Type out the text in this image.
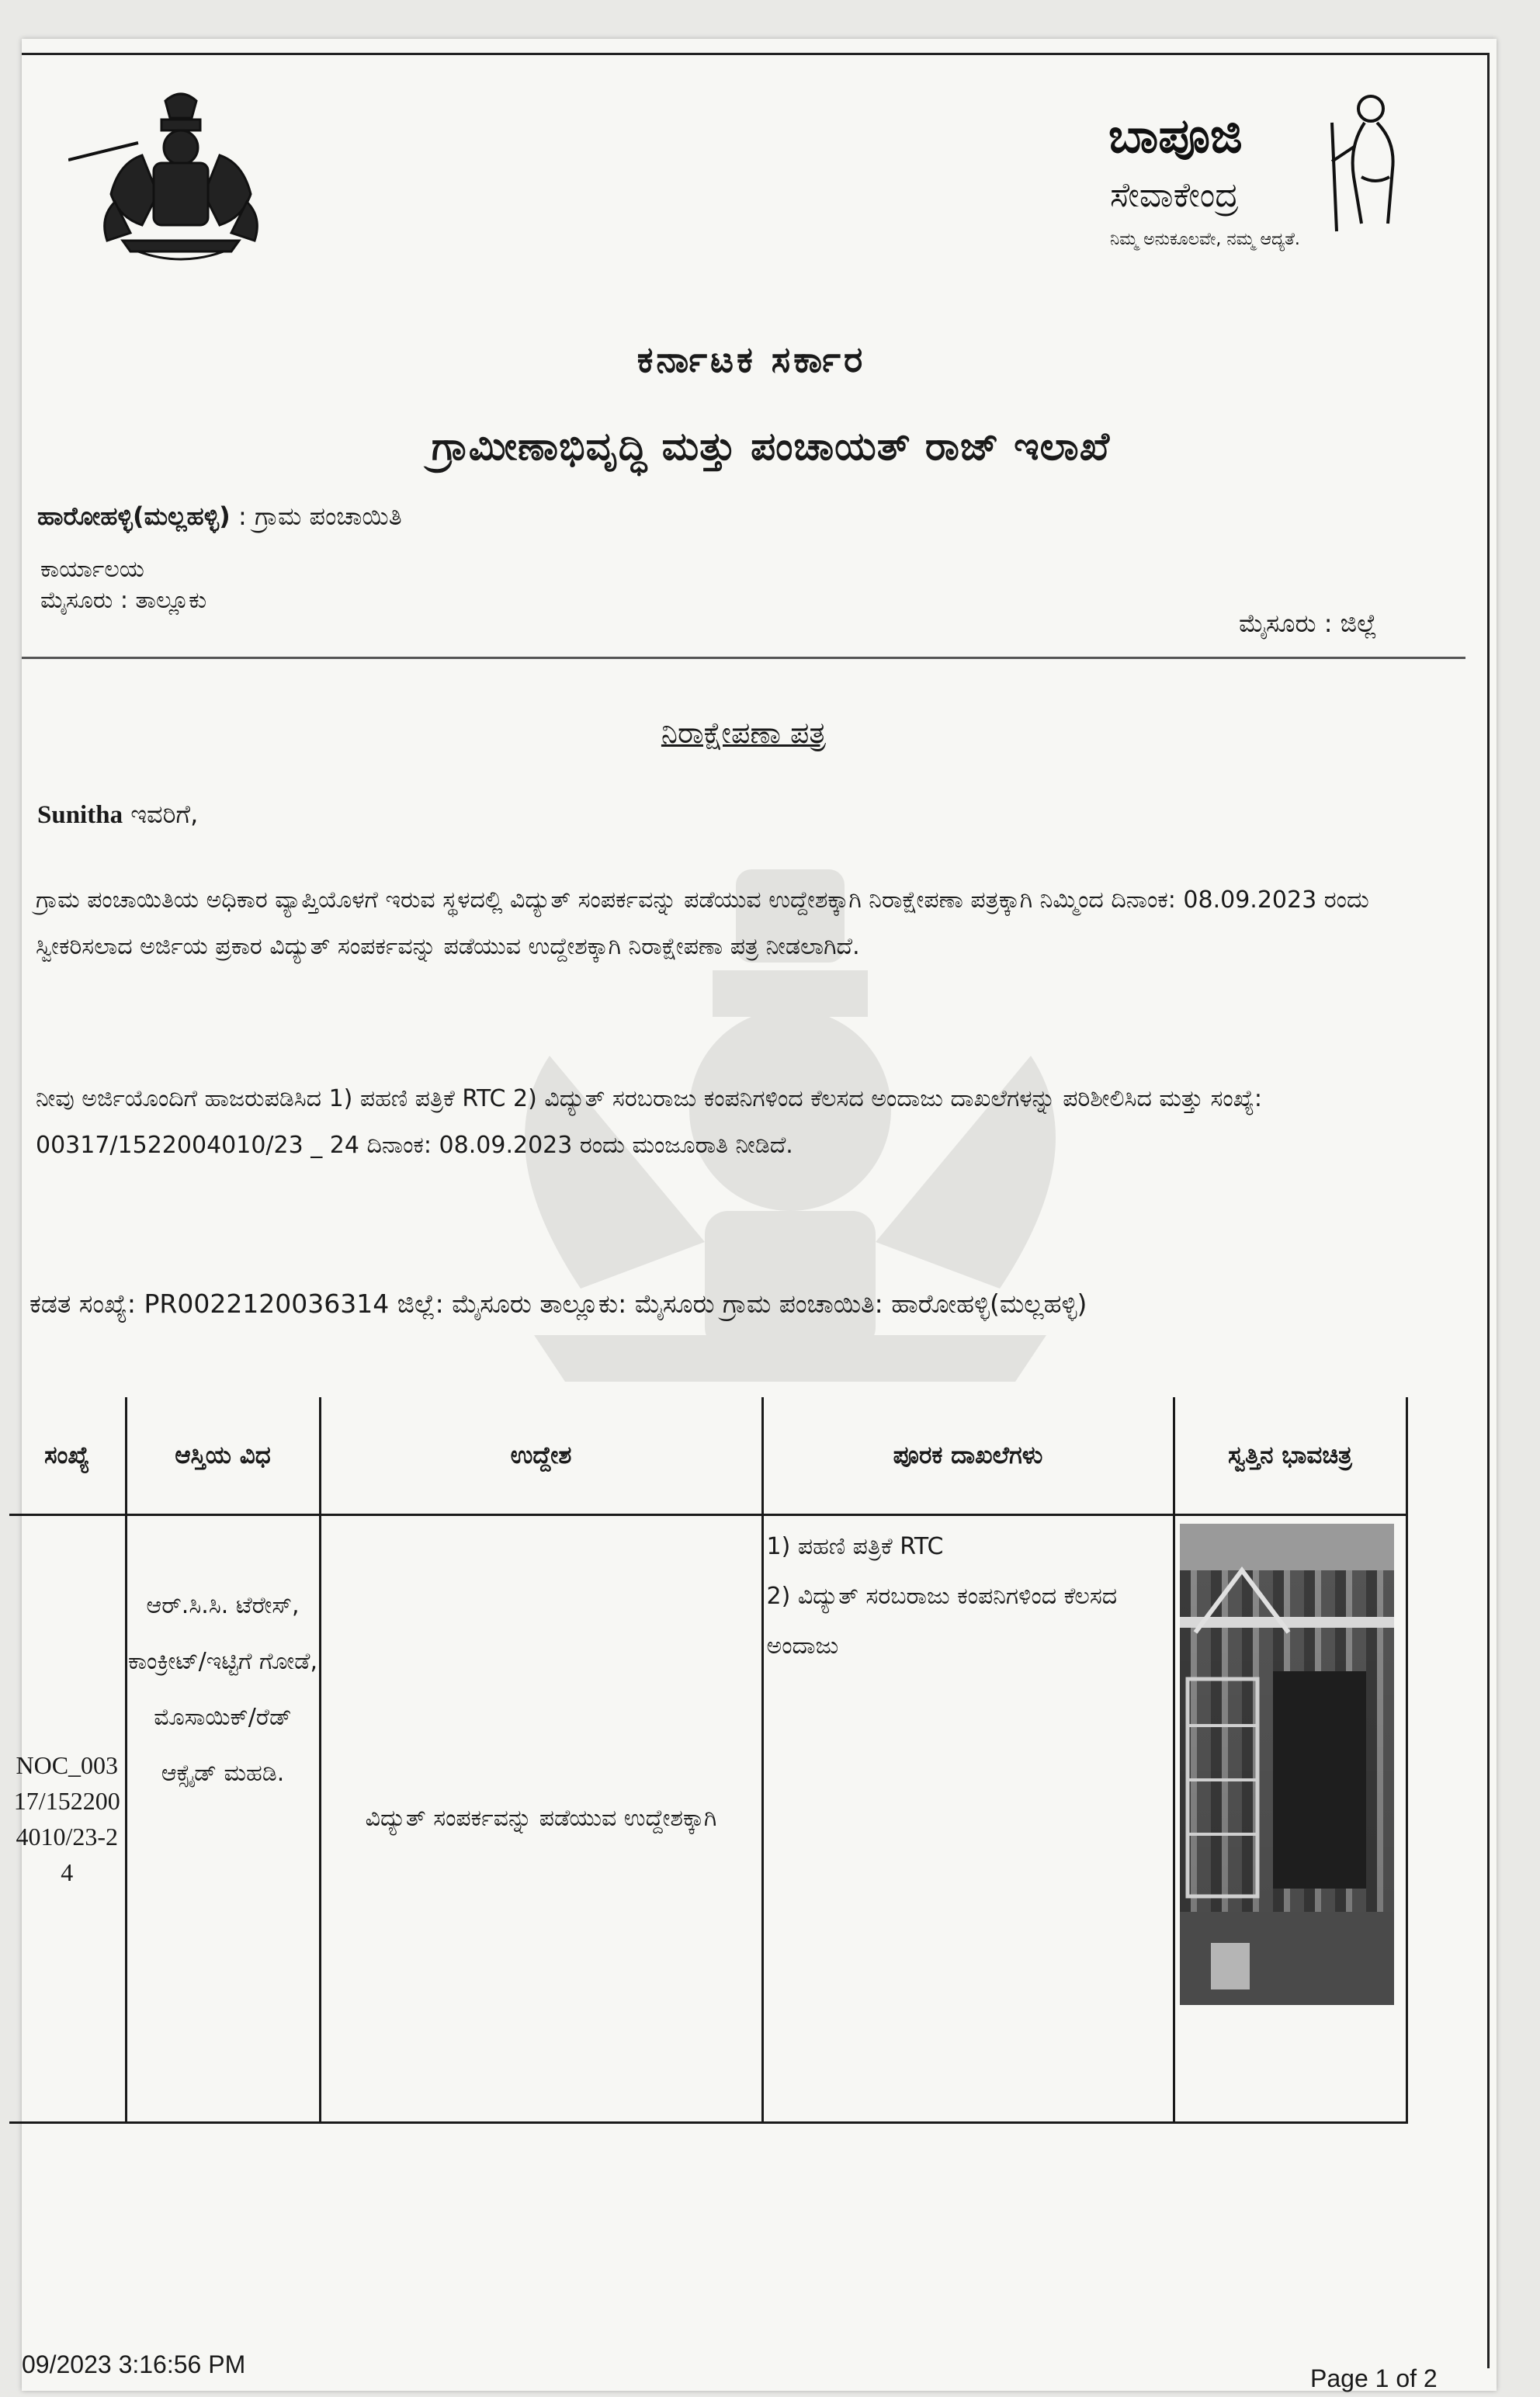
ಬಾಪೂಜಿ
ಸೇವಾಕೇಂದ್ರ
ನಿಮ್ಮ ಅನುಕೂಲವೇ, ನಮ್ಮ ಆದ್ಯತೆ.
ಕರ್ನಾಟಕ ಸರ್ಕಾರ
ಗ್ರಾಮೀಣಾಭಿವೃದ್ಧಿ ಮತ್ತು ಪಂಚಾಯತ್ ರಾಜ್ ಇಲಾಖೆ
ಹಾರೋಹಳ್ಳಿ(ಮಲ್ಲಹಳ್ಳಿ) : ಗ್ರಾಮ ಪಂಚಾಯಿತಿ
ಕಾರ್ಯಾಲಯ
ಮೈಸೂರು : ತಾಲ್ಲೂಕು
ಮೈಸೂರು : ಜಿಲ್ಲೆ
ನಿರಾಕ್ಷೇಪಣಾ ಪತ್ರ
Sunitha ಇವರಿಗೆ,
ಗ್ರಾಮ ಪಂಚಾಯಿತಿಯ ಅಧಿಕಾರ ವ್ಯಾಪ್ತಿಯೊಳಗೆ ಇರುವ ಸ್ಥಳದಲ್ಲಿ ವಿದ್ಯುತ್ ಸಂಪರ್ಕವನ್ನು ಪಡೆಯುವ ಉದ್ದೇಶಕ್ಕಾಗಿ ನಿರಾಕ್ಷೇಪಣಾ ಪತ್ರಕ್ಕಾಗಿ ನಿಮ್ಮಿಂದ ದಿನಾಂಕ: 08.09.2023 ರಂದು ಸ್ವೀಕರಿಸಲಾದ ಅರ್ಜಿಯ ಪ್ರಕಾರ ವಿದ್ಯುತ್ ಸಂಪರ್ಕವನ್ನು ಪಡೆಯುವ ಉದ್ದೇಶಕ್ಕಾಗಿ ನಿರಾಕ್ಷೇಪಣಾ ಪತ್ರ ನೀಡಲಾಗಿದೆ.
ನೀವು ಅರ್ಜಿಯೊಂದಿಗೆ ಹಾಜರುಪಡಿಸಿದ 1) ಪಹಣಿ ಪತ್ರಿಕೆ RTC 2) ವಿದ್ಯುತ್ ಸರಬರಾಜು ಕಂಪನಿಗಳಿಂದ ಕೆಲಸದ ಅಂದಾಜು ದಾಖಲೆಗಳನ್ನು ಪರಿಶೀಲಿಸಿದ ಮತ್ತು ಸಂಖ್ಯೆ: 00317/1522004010/23 _ 24 ದಿನಾಂಕ: 08.09.2023 ರಂದು ಮಂಜೂರಾತಿ ನೀಡಿದೆ.
ಕಡತ ಸಂಖ್ಯೆ: PR0022120036314 ಜಿಲ್ಲೆ: ಮೈಸೂರು ತಾಲ್ಲೂಕು: ಮೈಸೂರು ಗ್ರಾಮ ಪಂಚಾಯಿತಿ: ಹಾರೋಹಳ್ಳಿ(ಮಲ್ಲಹಳ್ಳಿ)
ಸಂಖ್ಯೆ	ಆಸ್ತಿಯ ವಿಧ	ಉದ್ದೇಶ	ಪೂರಕ ದಾಖಲೆಗಳು	ಸ್ವತ್ತಿನ ಭಾವಚಿತ್ರ
NOC_00317/1522004010/23-24	ಆರ್.ಸಿ.ಸಿ. ಟೆರೇಸ್, ಕಾಂಕ್ರೀಟ್/ಇಟ್ಟಿಗೆ ಗೋಡೆ, ಮೊಸಾಯಿಕ್/ರೆಡ್ ಆಕ್ಸೈಡ್ ಮಹಡಿ.	ವಿದ್ಯುತ್ ಸಂಪರ್ಕವನ್ನು ಪಡೆಯುವ ಉದ್ದೇಶಕ್ಕಾಗಿ	1) ಪಹಣಿ ಪತ್ರಿಕೆ RTC
2) ವಿದ್ಯುತ್ ಸರಬರಾಜು ಕಂಪನಿಗಳಿಂದ ಕೆಲಸದ ಅಂದಾಜು

09/2023 3:16:56 PM	Page 1 of 2
